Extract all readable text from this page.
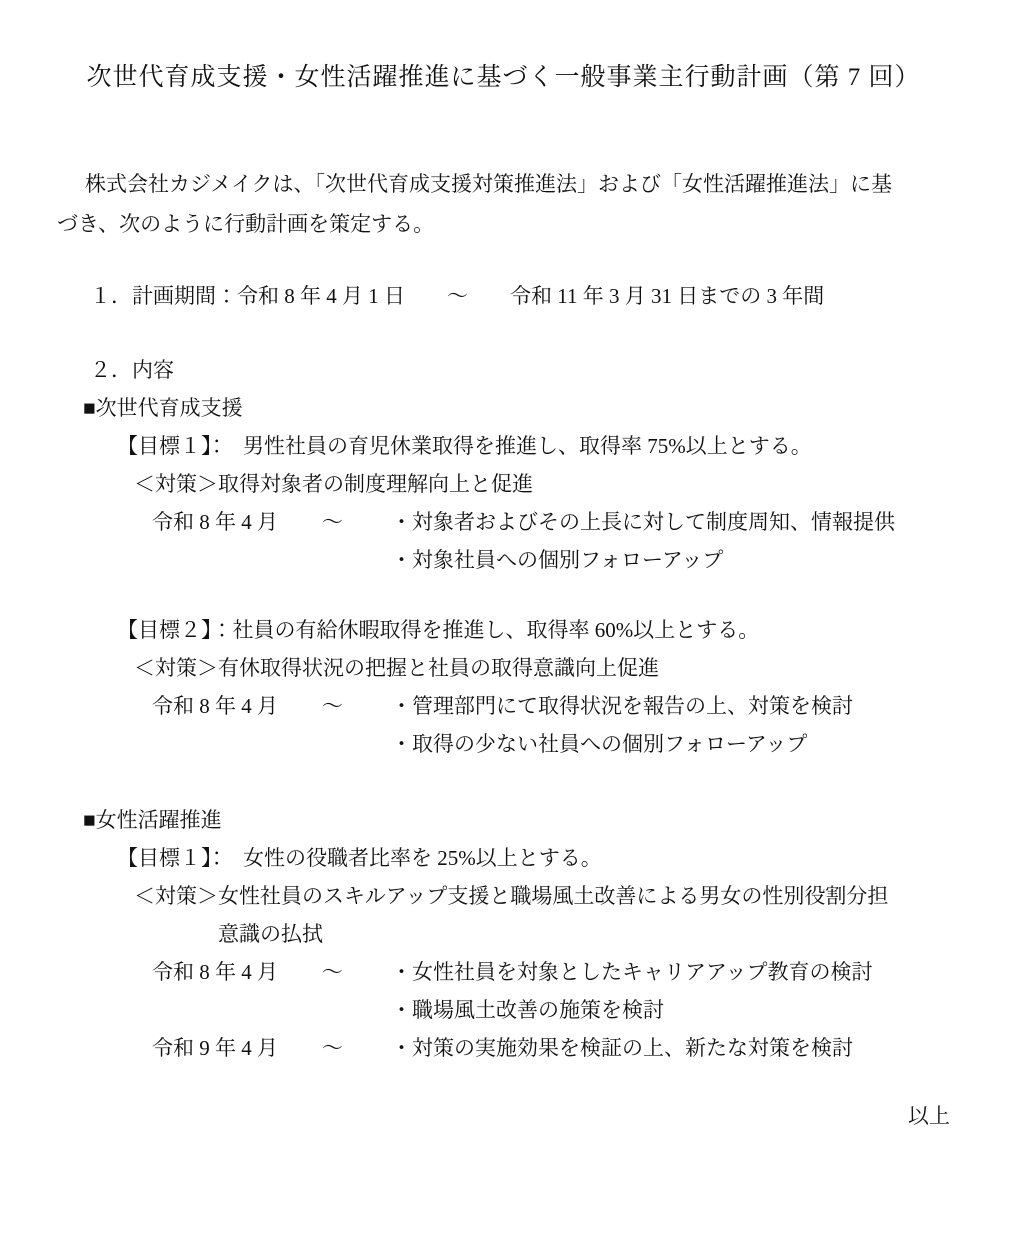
次世代育成支援・女性活躍推進に基づく一般事業主行動計画（第 7 回）
株式会社カジメイクは、「次世代育成支援対策推進法」および「女性活躍推進法」に基
づき、次のように行動計画を策定する。
１．計画期間：令和 8 年 4 月 1 日　　～　　令和 11 年 3 月 31 日までの 3 年間
２．内容
■次世代育成支援
【目標１】：　男性社員の育児休業取得を推進し、取得率 75%以上とする。
＜対策＞取得対象者の制度理解向上と促進
令和 8 年 4 月	～	・対象者およびその上長に対して制度周知、情報提供
・対象社員への個別フォローアップ
【目標２】：社員の有給休暇取得を推進し、取得率 60%以上とする。
＜対策＞有休取得状況の把握と社員の取得意識向上促進
令和 8 年 4 月	～	・管理部門にて取得状況を報告の上、対策を検討
・取得の少ない社員への個別フォローアップ
■女性活躍推進
【目標１】：　女性の役職者比率を 25%以上とする。
＜対策＞女性社員のスキルアップ支援と職場風土改善による男女の性別役割分担
意識の払拭
令和 8 年 4 月	～	・女性社員を対象としたキャリアアップ教育の検討
・職場風土改善の施策を検討
令和 9 年 4 月	～	・対策の実施効果を検証の上、新たな対策を検討
以上
